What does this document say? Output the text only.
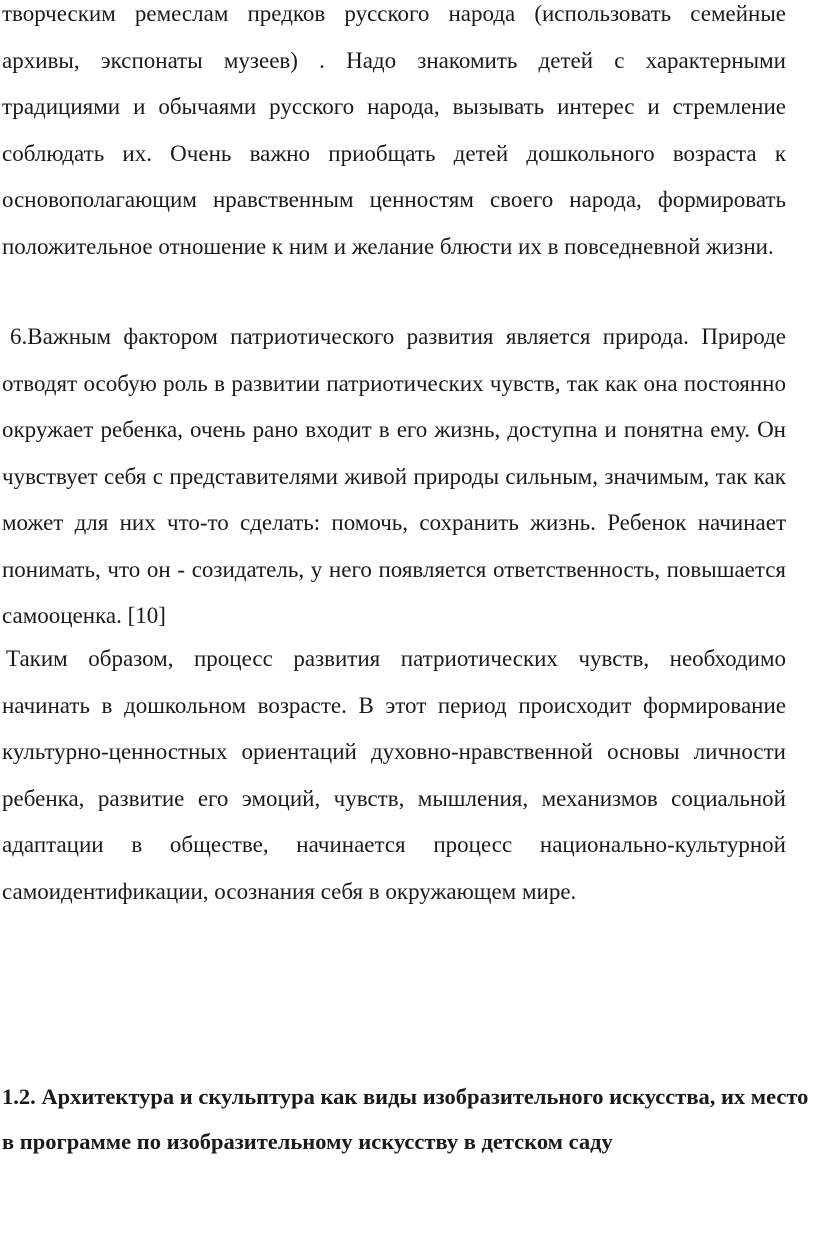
творческим ремеслам предков русского народа (использовать семейные архивы, экспонаты музеев) . Надо знакомить детей с характерными традициями и обычаями русского народа, вызывать интерес и стремление соблюдать их. Очень важно приобщать детей дошкольного возраста к основополагающим нравственным ценностям своего народа, формировать положительное отношение к ним и желание блюсти их в повседневной жизни.

6.Важным фактором патриотического развития является природа. Природе отводят особую роль в развитии патриотических чувств, так как она постоянно окружает ребенка, очень рано входит в его жизнь, доступна и понятна ему. Он чувствует себя с представителями живой природы сильным, значимым, так как может для них что-то сделать: помочь, сохранить жизнь. Ребенок начинает понимать, что он - созидатель, у него появляется ответственность, повышается самооценка. [10]

Таким образом, процесс развития патриотических чувств, необходимо начинать в дошкольном возрасте. В этот период происходит формирование культурно-ценностных ориентаций духовно-нравственной основы личности ребенка, развитие его эмоций, чувств, мышления, механизмов социальной адаптации в обществе, начинается процесс национально-культурной самоидентификации, осознания себя в окружающем мире.

1.2. Архитектура и скульптура как виды изобразительного искусства, их место в программе по изобразительному искусству в детском саду
